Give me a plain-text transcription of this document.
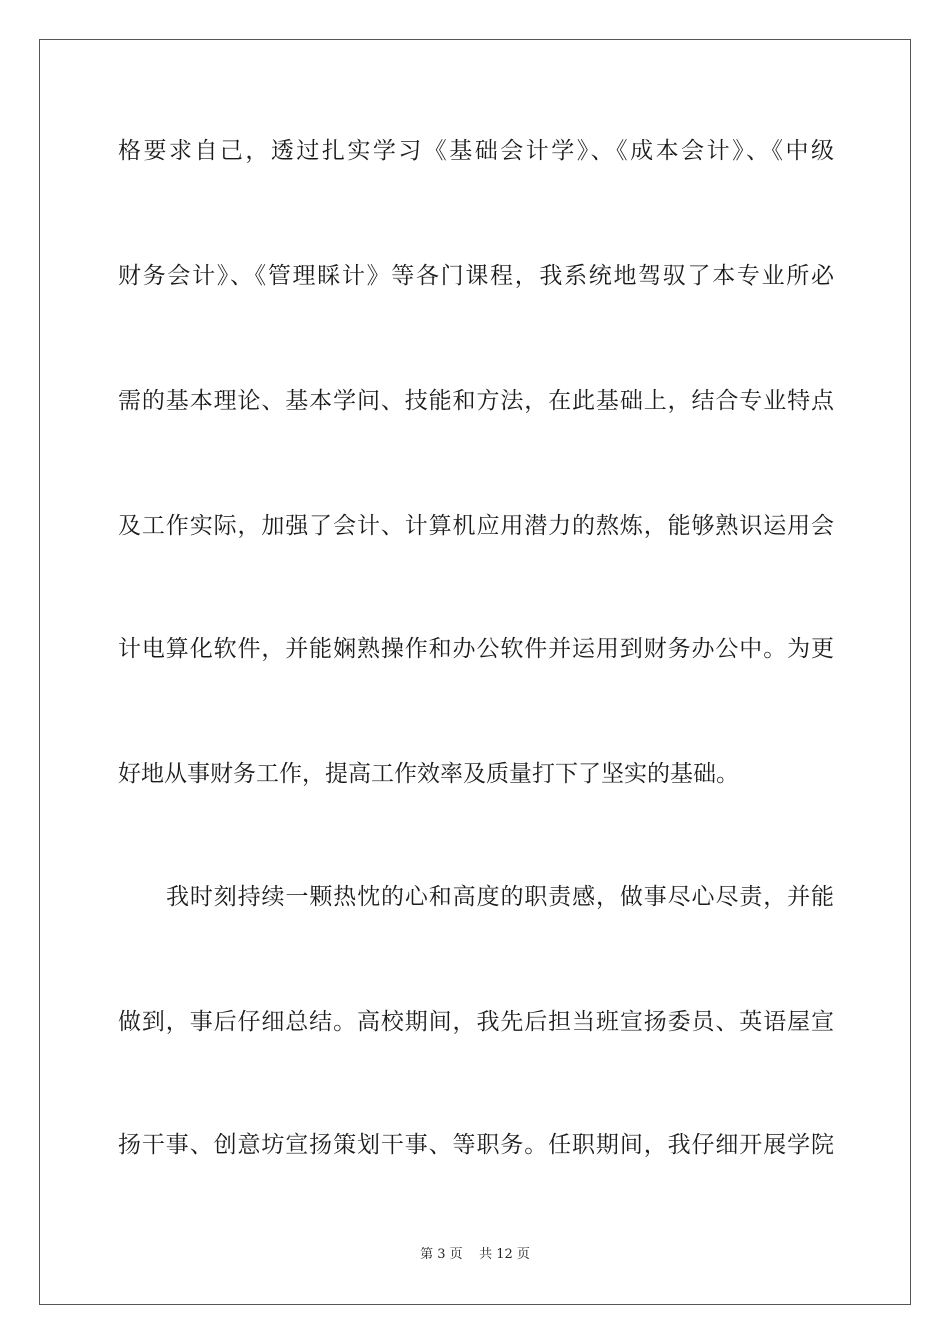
格要求自己，透过扎实学习《基础会计学》、《成本会计》、《中级
财务会计》、《管理睬计》等各门课程，我系统地驾驭了本专业所必
需的基本理论、基本学问、技能和方法，在此基础上，结合专业特点
及工作实际，加强了会计、计算机应用潜力的熬炼，能够熟识运用会
计电算化软件，并能娴熟操作和办公软件并运用到财务办公中。为更
好地从事财务工作，提高工作效率及质量打下了坚实的基础。
我时刻持续一颗热忱的心和高度的职责感，做事尽心尽责，并能
做到，事后仔细总结。高校期间，我先后担当班宣扬委员、英语屋宣
扬干事、创意坊宣扬策划干事、等职务。任职期间，我仔细开展学院
第 3 页    共 12 页
